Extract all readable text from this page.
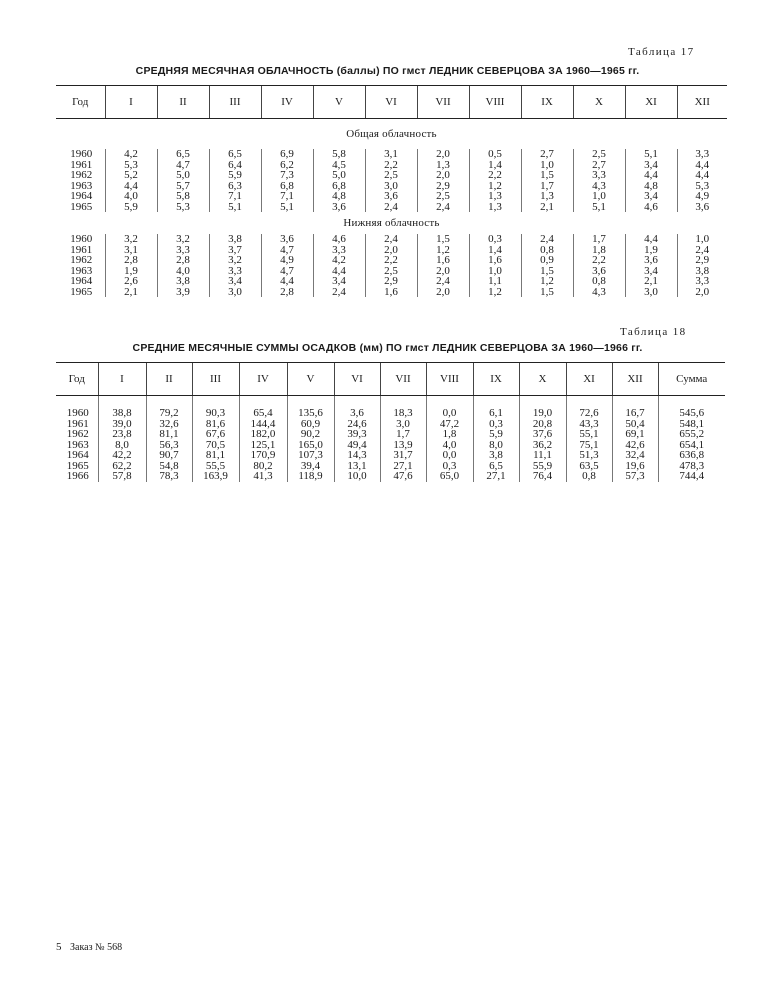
Таблица 17
СРЕДНЯЯ МЕСЯЧНАЯ ОБЛАЧНОСТЬ (баллы) ПО гмст ЛЕДНИК СЕВЕРЦОВА ЗА 1960—1965 гг.
Год	I	II	III	IV	V	VI	VII	VIII	IX	X	XI	XII
Общая облачность												
1960	4,2	6,5	6,5	6,9	5,8	3,1	2,0	0,5	2,7	2,5	5,1	3,3
1961	5,3	4,7	6,4	6,2	4,5	2,2	1,3	1,4	1,0	2,7	3,4	4,4
1962	5,2	5,0	5,9	7,3	5,0	2,5	2,0	2,2	1,5	3,3	4,4	4,4
1963	4,4	5,7	6,3	6,8	6,8	3,0	2,9	1,2	1,7	4,3	4,8	5,3
1964	4,0	5,8	7,1	7,1	4,8	3,6	2,5	1,3	1,3	1,0	3,4	4,9
1965	5,9	5,3	5,1	5,1	3,6	2,4	2,4	1,3	2,1	5,1	4,6	3,6
Нижняя облачность												
1960	3,2	3,2	3,8	3,6	4,6	2,4	1,5	0,3	2,4	1,7	4,4	1,0
1961	3,1	3,3	3,7	4,7	3,3	2,0	1,2	1,4	0,8	1,8	1,9	2,4
1962	2,8	2,8	3,2	4,9	4,2	2,2	1,6	1,6	0,9	2,2	3,6	2,9
1963	1,9	4,0	3,3	4,7	4,4	2,5	2,0	1,0	1,5	3,6	3,4	3,8
1964	2,6	3,8	3,4	4,4	3,4	2,9	2,4	1,1	1,2	0,8	2,1	3,3
1965	2,1	3,9	3,0	2,8	2,4	1,6	2,0	1,2	1,5	4,3	3,0	2,0
Таблица 18
СРЕДНИЕ МЕСЯЧНЫЕ СУММЫ ОСАДКОВ (мм) ПО гмст ЛЕДНИК СЕВЕРЦОВА ЗА 1960—1966 гг.
Год	I	II	III	IV	V	VI	VII	VIII	IX	X	XI	XII	Сумма

1960	38,8	79,2	90,3	65,4	135,6	3,6	18,3	0,0	6,1	19,0	72,6	16,7	545,6
1961	39,0	32,6	81,6	144,4	60,9	24,6	3,0	47,2	0,3	20,8	43,3	50,4	548,1
1962	23,8	81,1	67,6	182,0	90,2	39,3	1,7	1,8	5,9	37,6	55,1	69,1	655,2
1963	8,0	56,3	70,5	125,1	165,0	49,4	13,9	4,0	8,0	36,2	75,1	42,6	654,1
1964	42,2	90,7	81,1	170,9	107,3	14,3	31,7	0,0	3,8	11,1	51,3	32,4	636,8
1965	62,2	54,8	55,5	80,2	39,4	13,1	27,1	0,3	6,5	55,9	63,5	19,6	478,3
1966	57,8	78,3	163,9	41,3	118,9	10,0	47,6	65,0	27,1	76,4	0,8	57,3	744,4
5 Заказ № 568
